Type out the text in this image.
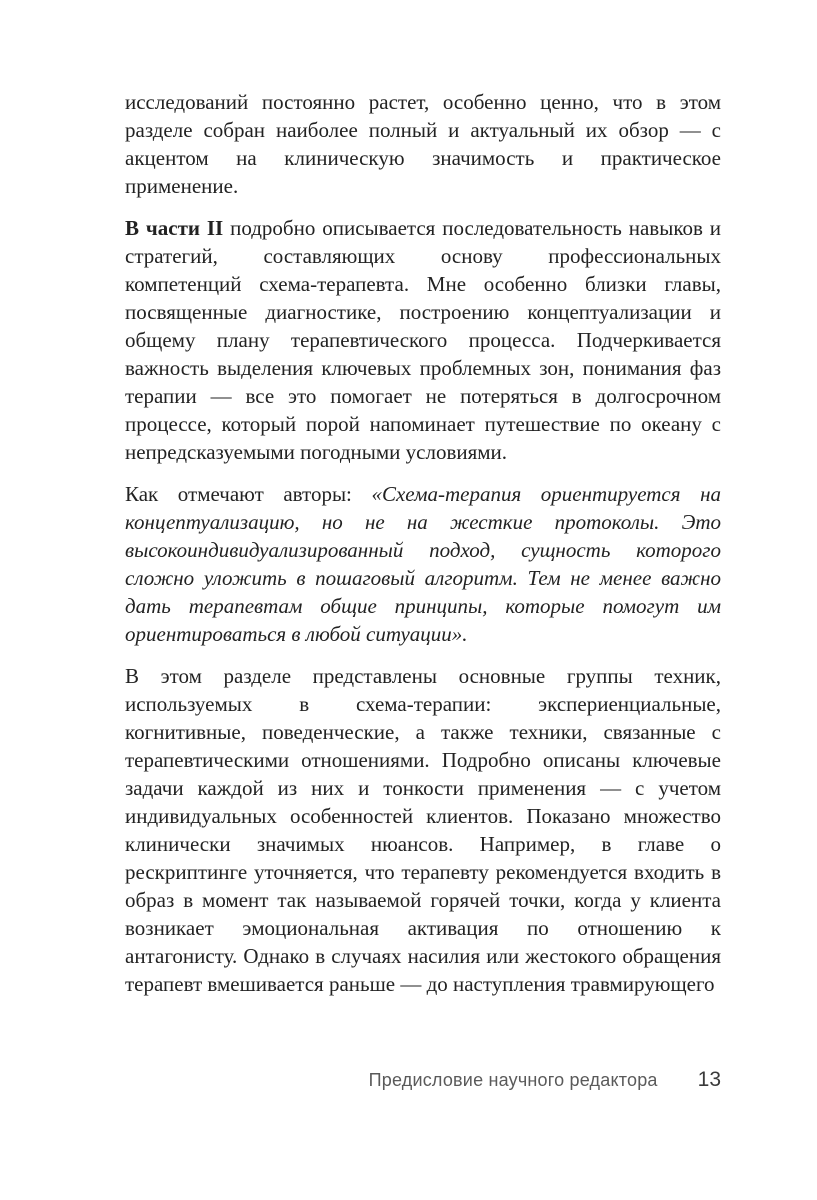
исследований постоянно растет, особенно ценно, что в этом разделе собран наиболее полный и актуальный их обзор — с акцентом на клиническую значимость и практическое применение.

В части II подробно описывается последовательность навыков и стратегий, составляющих основу профессиональных компетенций схема-терапевта. Мне особенно близки главы, посвященные диагностике, построению концептуализации и общему плану терапевтического процесса. Подчеркивается важность выделения ключевых проблемных зон, понимания фаз терапии — все это помогает не потеряться в долгосрочном процессе, который порой напоминает путешествие по океану с непредсказуемыми погодными условиями.

Как отмечают авторы: «Схема-терапия ориентируется на концептуализацию, но не на жесткие протоколы. Это высокоиндивидуализированный подход, сущность которого сложно уложить в пошаговый алгоритм. Тем не менее важно дать терапевтам общие принципы, которые помогут им ориентироваться в любой ситуации».

В этом разделе представлены основные группы техник, используемых в схема-терапии: экспериенциальные, когнитивные, поведенческие, а также техники, связанные с терапевтическими отношениями. Подробно описаны ключевые задачи каждой из них и тонкости применения — с учетом индивидуальных особенностей клиентов. Показано множество клинически значимых нюансов. Например, в главе о рескриптинге уточняется, что терапевту рекомендуется входить в образ в момент так называемой горячей точки, когда у клиента возникает эмоциональная активация по отношению к антагонисту. Однако в случаях насилия или жестокого обращения терапевт вмешивается раньше — до наступления травмирующего

Предисловие научного редактора 13
